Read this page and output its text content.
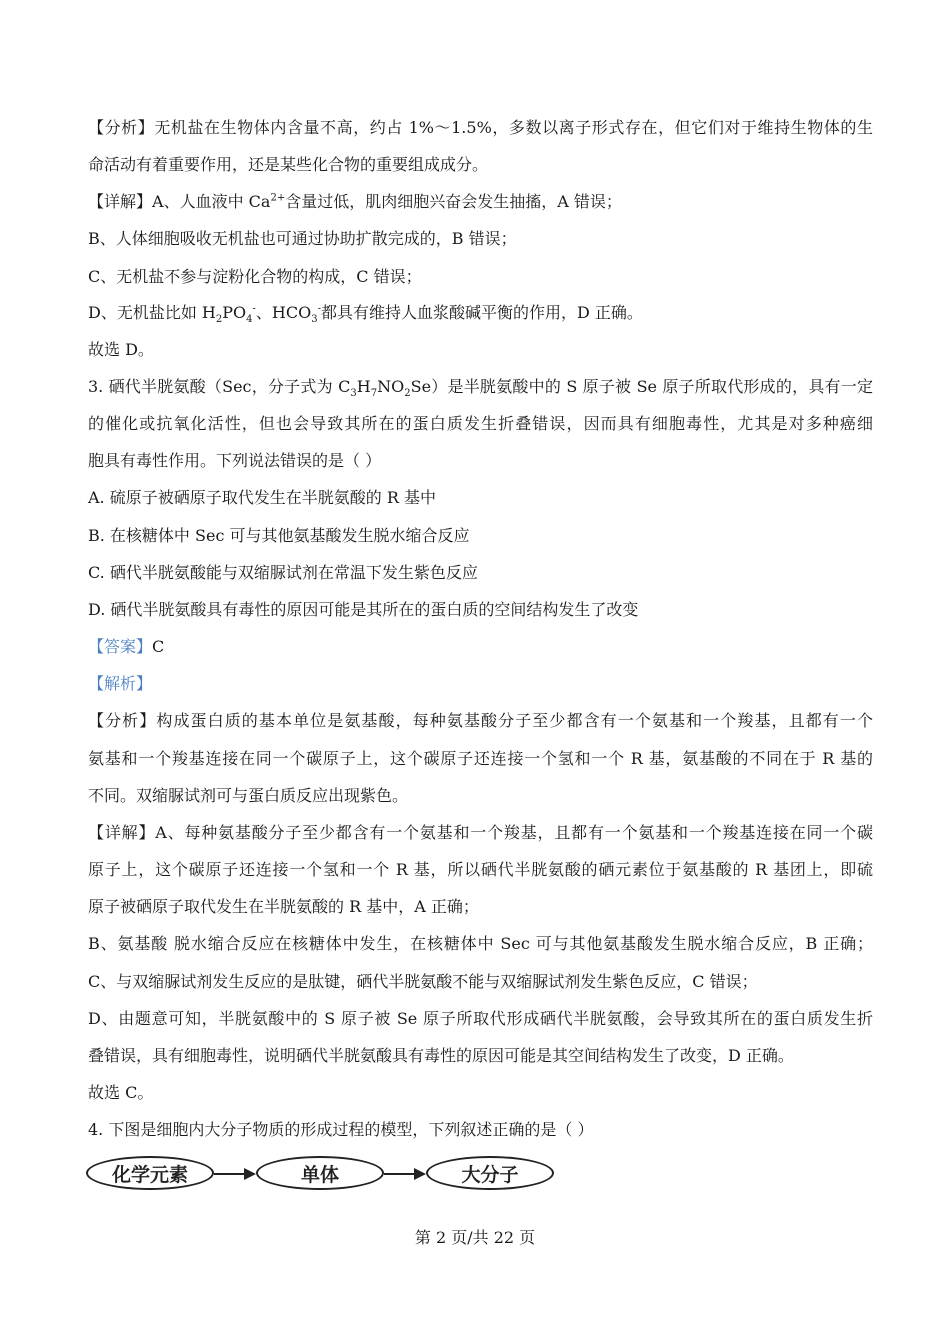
【分析】无机盐在生物体内含量不高，约占 1%～1.5%，多数以离子形式存在，但它们对于维持生物体的生
命活动有着重要作用，还是某些化合物的重要组成成分。
【详解】A、人血液中 $Ca^{2+}$含量过低，肌肉细胞兴奋会发生抽搐，A 错误；
B、人体细胞吸收无机盐也可通过协助扩散完成的，B 错误；
C、无机盐不参与淀粉化合物的构成，C 错误；
D、无机盐比如 $H_2PO_4^-$、$HCO_3^-$都具有维持人血浆酸碱平衡的作用，D 正确。
故选 D。
3. 硒代半胱氨酸（Sec，分子式为 $C_3H_7NO_2Se$）是半胱氨酸中的 S 原子被 Se 原子所取代形成的，具有一定
的催化或抗氧化活性，但也会导致其所在的蛋白质发生折叠错误，因而具有细胞毒性，尤其是对多种癌细
胞具有毒性作用。下列说法错误的是（ ）
A. 硫原子被硒原子取代发生在半胱氨酸的 R 基中
B. 在核糖体中 Sec 可与其他氨基酸发生脱水缩合反应
C. 硒代半胱氨酸能与双缩脲试剂在常温下发生紫色反应
D. 硒代半胱氨酸具有毒性的原因可能是其所在的蛋白质的空间结构发生了改变
【答案】C
【解析】
【分析】构成蛋白质的基本单位是氨基酸，每种氨基酸分子至少都含有一个氨基和一个羧基，且都有一个
氨基和一个羧基连接在同一个碳原子上，这个碳原子还连接一个氢和一个 R 基，氨基酸的不同在于 R 基的
不同。双缩脲试剂可与蛋白质反应出现紫色。
【详解】A、每种氨基酸分子至少都含有一个氨基和一个羧基，且都有一个氨基和一个羧基连接在同一个碳
原子上，这个碳原子还连接一个氢和一个 R 基，所以硒代半胱氨酸的硒元素位于氨基酸的 R 基团上，即硫
原子被硒原子取代发生在半胱氨酸的 R 基中，A 正确；
B、氨基酸 脱水缩合反应在核糖体中发生，在核糖体中 Sec 可与其他氨基酸发生脱水缩合反应，B 正确；
C、与双缩脲试剂发生反应的是肽键，硒代半胱氨酸不能与双缩脲试剂发生紫色反应，C 错误；
D、由题意可知，半胱氨酸中的 S 原子被 Se 原子所取代形成硒代半胱氨酸，会导致其所在的蛋白质发生折
叠错误，具有细胞毒性，说明硒代半胱氨酸具有毒性的原因可能是其空间结构发生了改变，D 正确。
故选 C。
4. 下图是细胞内大分子物质的形成过程的模型，下列叙述正确的是（ ）
化学元素	单体	大分子
第 2 页/共 22 页
